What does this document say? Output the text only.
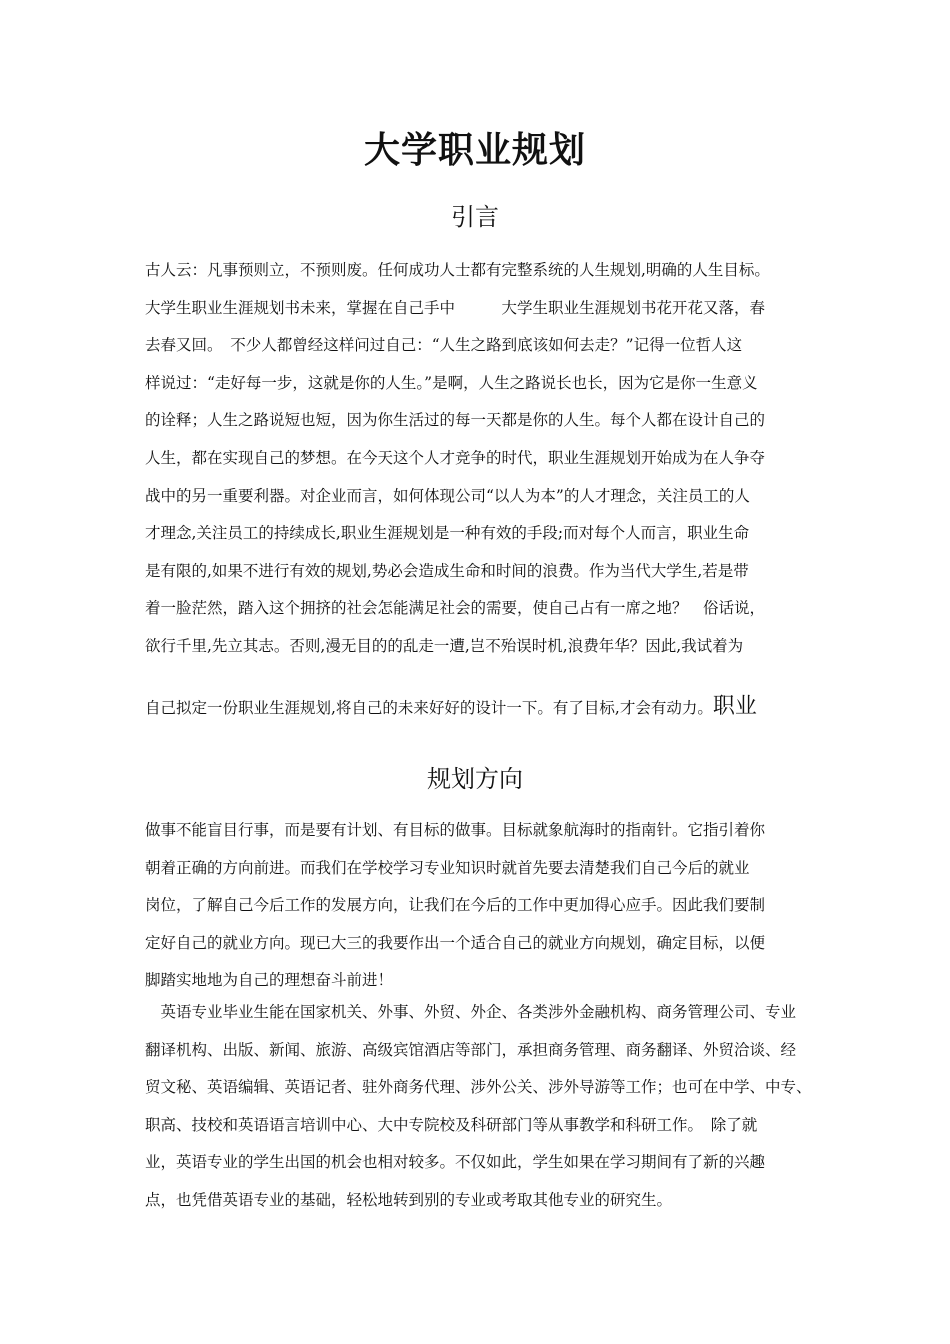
大学职业规划
引言
古人云：凡事预则立，不预则废。任何成功人士都有完整系统的人生规划,明确的人生目标。
大学生职业生涯规划书未来，掌握在自己手中　　　大学生职业生涯规划书花开花又落，春
去春又回。　不少人都曾经这样问过自己：“人生之路到底该如何去走？”记得一位哲人这
样说过：“走好每一步，这就是你的人生。”是啊，人生之路说长也长，因为它是你一生意义
的诠释；人生之路说短也短，因为你生活过的每一天都是你的人生。每个人都在设计自己的
人生，都在实现自己的梦想。在今天这个人才竞争的时代，职业生涯规划开始成为在人争夺
战中的另一重要利器。对企业而言，如何体现公司“以人为本”的人才理念，关注员工的人
才理念,关注员工的持续成长,职业生涯规划是一种有效的手段;而对每个人而言，职业生命
是有限的,如果不进行有效的规划,势必会造成生命和时间的浪费。作为当代大学生,若是带
着一脸茫然，踏入这个拥挤的社会怎能满足社会的需要，使自己占有一席之地？　俗话说，
欲行千里,先立其志。否则,漫无目的的乱走一遭,岂不殆误时机,浪费年华？因此,我试着为
自己拟定一份职业生涯规划,将自己的未来好好的设计一下。有了目标,才会有动力。职业
规划方向
做事不能盲目行事，而是要有计划、有目标的做事。目标就象航海时的指南针。它指引着你
朝着正确的方向前进。而我们在学校学习专业知识时就首先要去清楚我们自己今后的就业
岗位，了解自己今后工作的发展方向，让我们在今后的工作中更加得心应手。因此我们要制
定好自己的就业方向。现已大三的我要作出一个适合自己的就业方向规划，确定目标，以便
脚踏实地地为自己的理想奋斗前进！
　英语专业毕业生能在国家机关、外事、外贸、外企、各类涉外金融机构、商务管理公司、专业
翻译机构、出版、新闻、旅游、高级宾馆酒店等部门，承担商务管理、商务翻译、外贸洽谈、经
贸文秘、英语编辑、英语记者、驻外商务代理、涉外公关、涉外导游等工作；也可在中学、中专、
职高、技校和英语语言培训中心、大中专院校及科研部门等从事教学和科研工作。　除了就
业，英语专业的学生出国的机会也相对较多。不仅如此，学生如果在学习期间有了新的兴趣
点，也凭借英语专业的基础，轻松地转到别的专业或考取其他专业的研究生。
